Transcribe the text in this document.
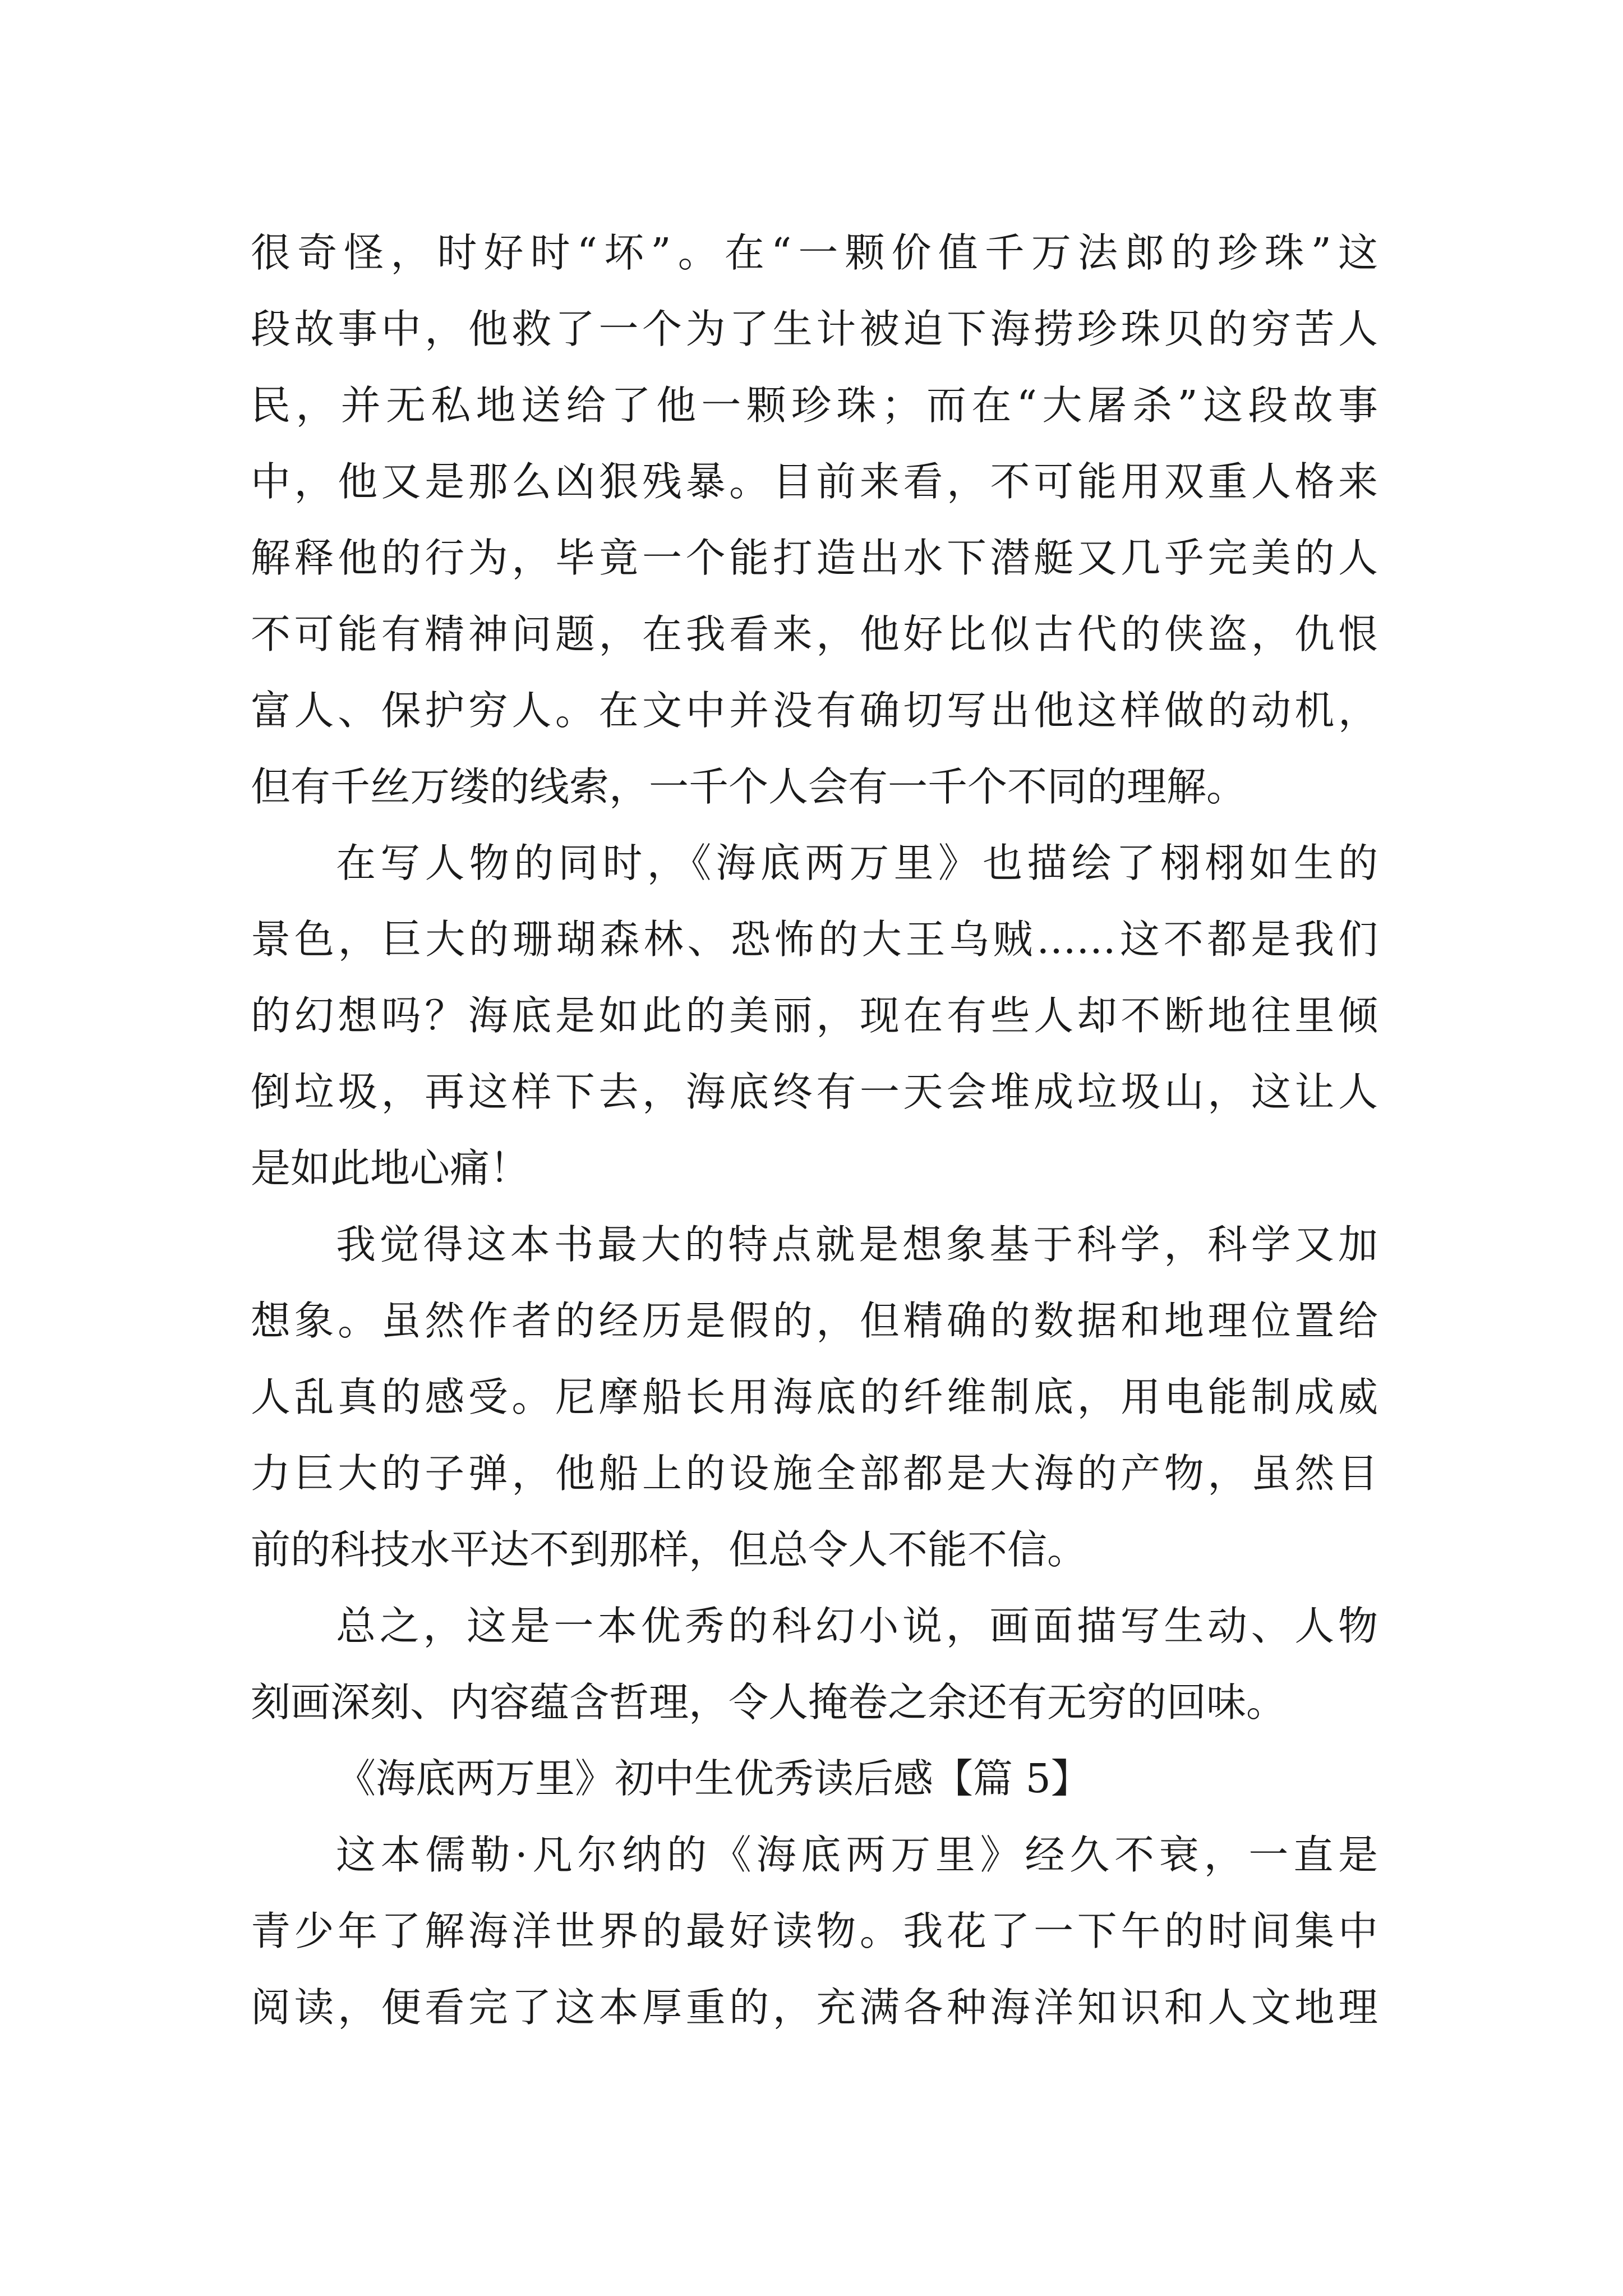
很奇怪，时好时“坏”。在“一颗价值千万法郎的珍珠”这
段故事中，他救了一个为了生计被迫下海捞珍珠贝的穷苦人
民，并无私地送给了他一颗珍珠；而在“大屠杀”这段故事
中，他又是那么凶狠残暴。目前来看，不可能用双重人格来
解释他的行为，毕竟一个能打造出水下潜艇又几乎完美的人
不可能有精神问题，在我看来，他好比似古代的侠盗，仇恨
富人、保护穷人。在文中并没有确切写出他这样做的动机，
但有千丝万缕的线索，一千个人会有一千个不同的理解。
在写人物的同时，《海底两万里》也描绘了栩栩如生的
景色，巨大的珊瑚森林、恐怖的大王乌贼……这不都是我们
的幻想吗？海底是如此的美丽，现在有些人却不断地往里倾
倒垃圾，再这样下去，海底终有一天会堆成垃圾山，这让人
是如此地心痛！
我觉得这本书最大的特点就是想象基于科学，科学又加
想象。虽然作者的经历是假的，但精确的数据和地理位置给
人乱真的感受。尼摩船长用海底的纤维制底，用电能制成威
力巨大的子弹，他船上的设施全部都是大海的产物，虽然目
前的科技水平达不到那样，但总令人不能不信。
总之，这是一本优秀的科幻小说，画面描写生动、人物
刻画深刻、内容蕴含哲理，令人掩卷之余还有无穷的回味。
《海底两万里》初中生优秀读后感【篇 5】
这本儒勒·凡尔纳的《海底两万里》经久不衰，一直是
青少年了解海洋世界的最好读物。我花了一下午的时间集中
阅读，便看完了这本厚重的，充满各种海洋知识和人文地理
